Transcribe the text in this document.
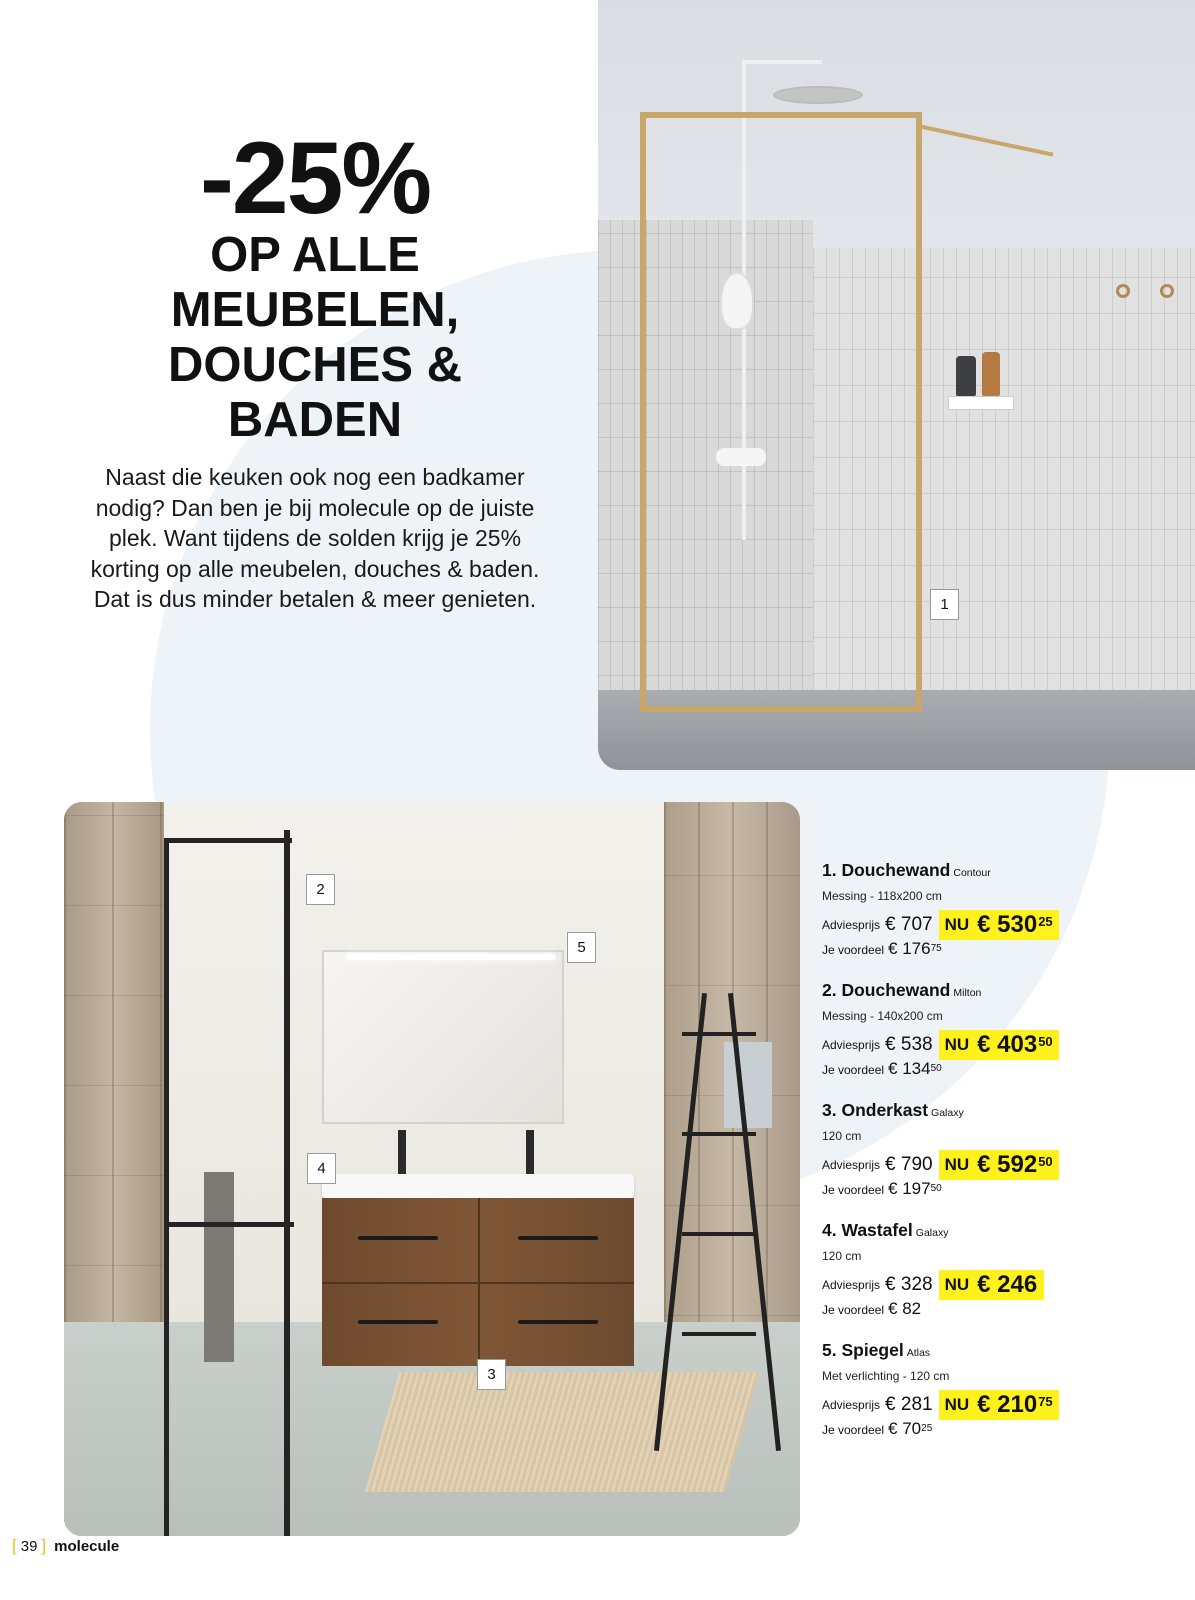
-25%
OP ALLE
MEUBELEN,
DOUCHES &
BADEN
Naast die keuken ook nog een badkamer
nodig? Dan ben je bij molecule op de juiste
plek. Want tijdens de solden krijg je 25%
korting op alle meubelen, douches & baden.
Dat is dus minder betalen & meer genieten.	1
2
3
4
5
1. Douchewand Contour
Messing - 118x200 cm
Adviesprijs € 707 NU € 530 25
Je voordeel € $176^{75}$
2. Douchewand Milton
Messing - 140x200 cm
Adviesprijs € 538 NU € 403 50
Je voordeel € $134^{50}$
3. Onderkast Galaxy
120 cm
Adviesprijs € 790 NU € 592 50
Je voordeel € $197^{50}$
4. Wastafel Galaxy
120 cm
Adviesprijs € 328 NU € 246
Je voordeel € 82
5. Spiegel Atlas
Met verlichting - 120 cm
Adviesprijs € 281 NU € 210 75
Je voordeel € $70^{25}$
[ 39 ] molecule
